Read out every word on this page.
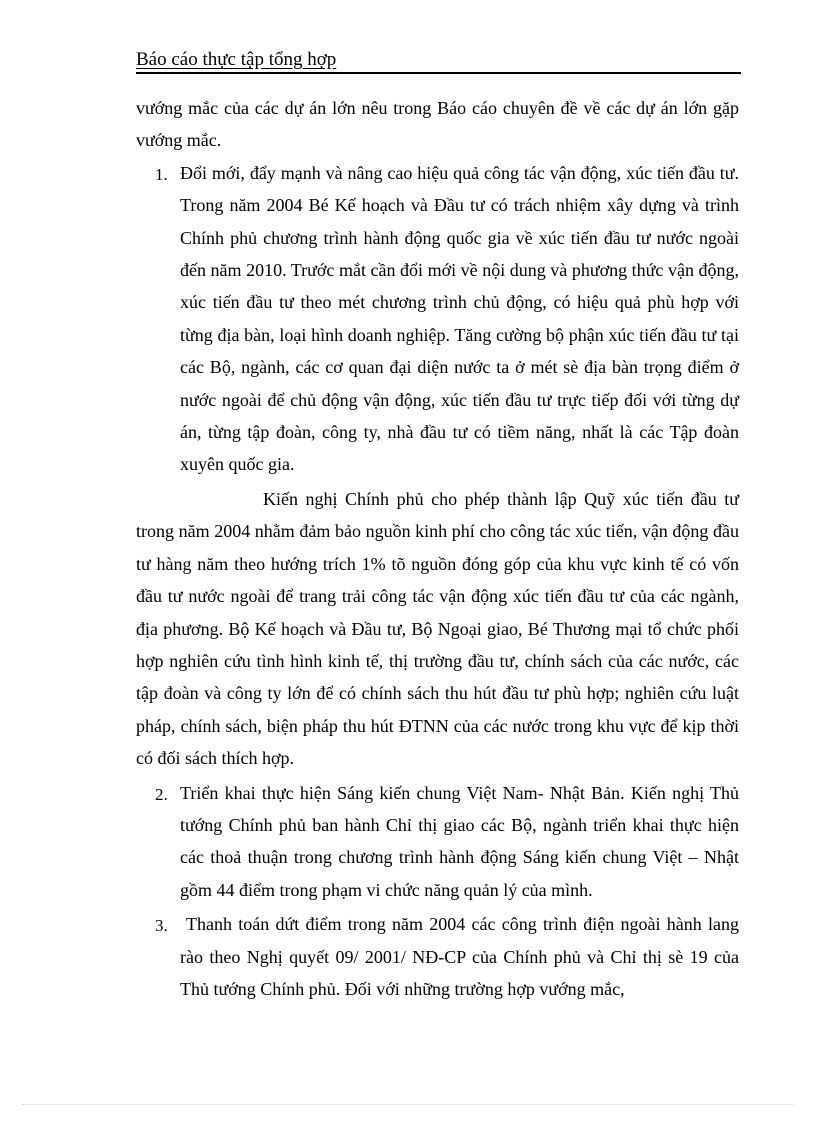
Báo cáo thực tập tổng hợp

vướng mắc của các dự án lớn nêu trong Báo cáo chuyên đề về các dự án lớn gặp vướng mắc.

1. Đổi mới, đẩy mạnh và nâng cao hiệu quả công tác vận động, xúc tiến đầu tư. Trong năm 2004 Bé Kế hoạch và Đầu tư có trách nhiệm xây dựng và trình Chính phủ chương trình hành động quốc gia về xúc tiến đầu tư nước ngoài đến năm 2010. Trước mắt cần đổi mới về nội dung và phương thức vận động, xúc tiến đầu tư theo mét chương trình chủ động, có hiệu quả phù hợp với từng địa bàn, loại hình doanh nghiệp. Tăng cường bộ phận xúc tiến đầu tư tại các Bộ, ngành, các cơ quan đại diện nước ta ở mét sè địa bàn trọng điểm ở nước ngoài để chủ động vận động, xúc tiến đầu tư trực tiếp đối với từng dự án, từng tập đoàn, công ty, nhà đầu tư có tiềm năng, nhất là các Tập đoàn xuyên quốc gia.

Kiến nghị Chính phủ cho phép thành lập Quỹ xúc tiến đầu tư trong năm 2004 nhằm đảm bảo nguồn kinh phí cho công tác xúc tiến, vận động đầu tư hàng năm theo hướng trích 1% tõ nguồn đóng góp của khu vực kinh tế có vốn đầu tư nước ngoài để trang trải công tác vận động xúc tiến đầu tư của các ngành, địa phương. Bộ Kế hoạch và Đầu tư, Bộ Ngoại giao, Bé Thương mại tổ chức phối hợp nghiên cứu tình hình kinh tế, thị trường đầu tư, chính sách của các nước, các tập đoàn và công ty lớn để có chính sách thu hút đầu tư phù hợp; nghiên cứu luật pháp, chính sách, biện pháp thu hút ĐTNN của các nước trong khu vực để kịp thời có đối sách thích hợp.

2. Triển khai thực hiện Sáng kiến chung Việt Nam- Nhật Bản. Kiến nghị Thủ tướng Chính phủ ban hành Chỉ thị giao các Bộ, ngành triển khai thực hiện các thoả thuận trong chương trình hành động Sáng kiến chung Việt – Nhật gồm 44 điểm trong phạm vi chức năng quản lý của mình.
3.	Thanh toán dứt điểm trong năm 2004 các công trình điện ngoài hành lang rào theo Nghị quyết 09/ 2001/ NĐ-CP của Chính phủ và Chỉ thị sè 19 của Thủ tướng Chính phủ. Đối với những trường hợp vướng mắc,
